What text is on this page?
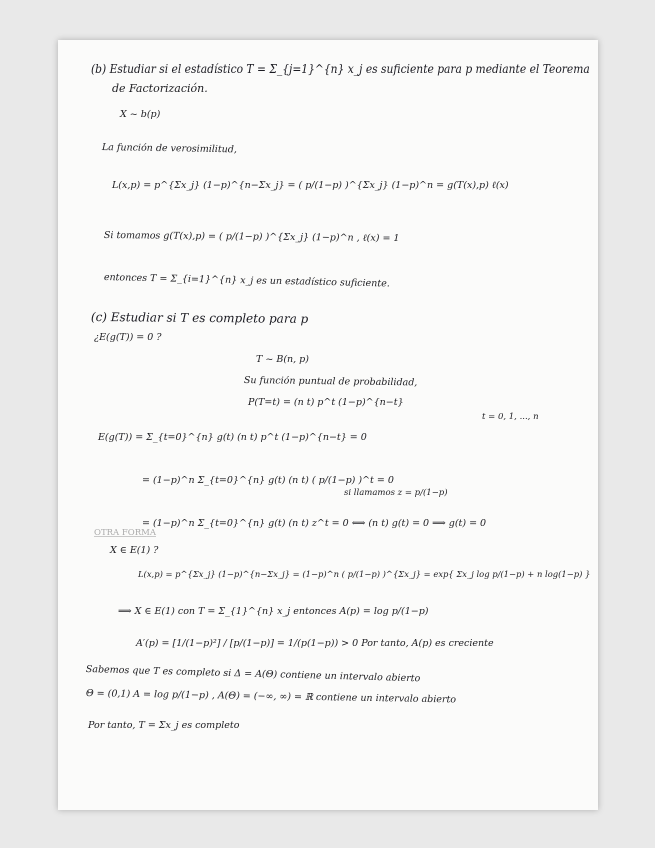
(b) Estudiar si el estadístico T = Σ_{j=1}^{n} x_j es suficiente para p mediante el Teorema
de Factorización.
X ~ b(p)
La función de verosimilitud,
L(x,p) = p^{Σx_j} (1−p)^{n−Σx_j} = ( p/(1−p) )^{Σx_j} (1−p)^n = g(T(x),p) ℓ(x)
Si tomamos g(T(x),p) = ( p/(1−p) )^{Σx_j} (1−p)^n , ℓ(x) = 1
entonces T = Σ_{i=1}^{n} x_j es un estadístico suficiente.
(c) Estudiar si T es completo para p
¿E(g(T)) = 0 ?
T ~ B(n, p)
Su función puntual de probabilidad,
P(T=t) = (n t) p^t (1−p)^{n−t}
t = 0, 1, ..., n
E(g(T)) = Σ_{t=0}^{n} g(t) (n t) p^t (1−p)^{n−t} = 0
= (1−p)^n Σ_{t=0}^{n} g(t) (n t) ( p/(1−p) )^t = 0
si llamamos z = p/(1−p)
= (1−p)^n Σ_{t=0}^{n} g(t) (n t) z^t = 0 ⟺ (n t) g(t) = 0 ⟹ g(t) = 0
OTRA FORMA
X ∈ E(1) ?
L(x,p) = p^{Σx_j} (1−p)^{n−Σx_j} = (1−p)^n ( p/(1−p) )^{Σx_j} = exp{ Σx_j log p/(1−p) + n log(1−p) }
⟹ X ∈ E(1) con T = Σ_{1}^{n} x_j entonces A(p) = log p/(1−p)
A′(p) = [1/(1−p)²] / [p/(1−p)] = 1/(p(1−p)) > 0 Por tanto, A(p) es creciente
Sabemos que T es completo si Δ = A(Θ) contiene un intervalo abierto
Θ = (0,1) A = log p/(1−p) , A(Θ) = (−∞, ∞) = ℝ contiene un intervalo abierto
Por tanto, T = Σx_j es completo
